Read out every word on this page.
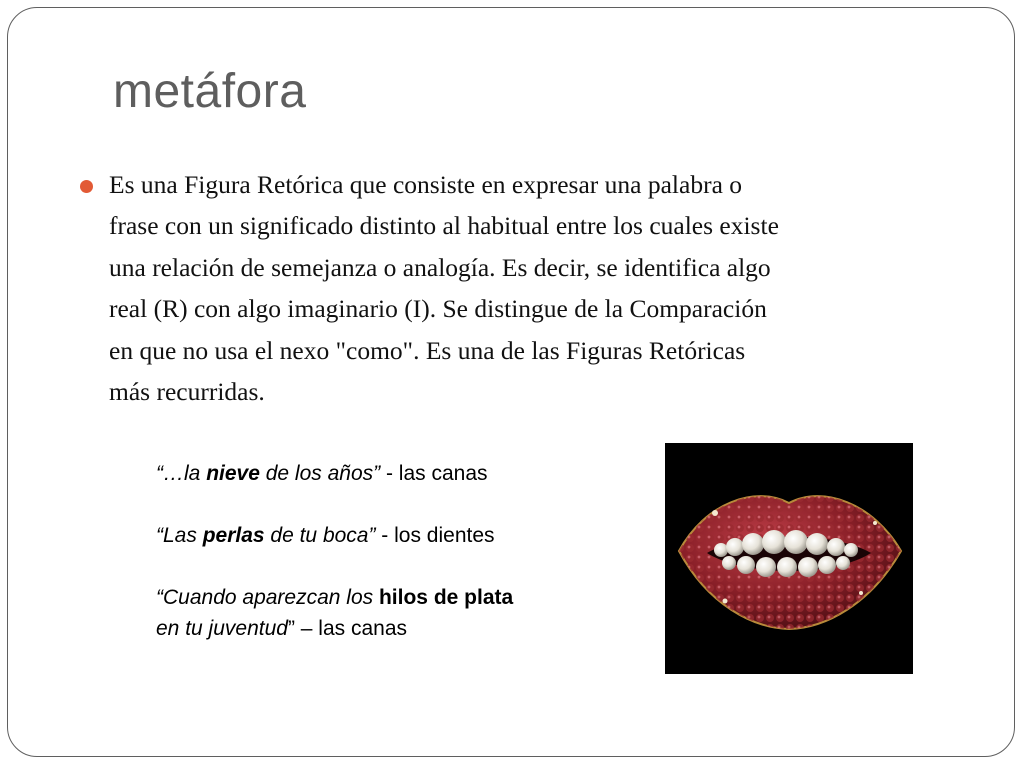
metáfora
Es una Figura Retórica que consiste en expresar una palabra o
frase con un significado distinto al habitual entre los cuales existe
una relación de semejanza o analogía. Es decir, se identifica algo
real (R) con algo imaginario (I). Se distingue de la Comparación
en que no usa el nexo "como". Es una de las Figuras Retóricas
más recurridas.
“…la nieve de los años” - las canas
“Las perlas de tu boca” - los dientes
“Cuando aparezcan los hilos de plata
en tu juventud” – las canas
